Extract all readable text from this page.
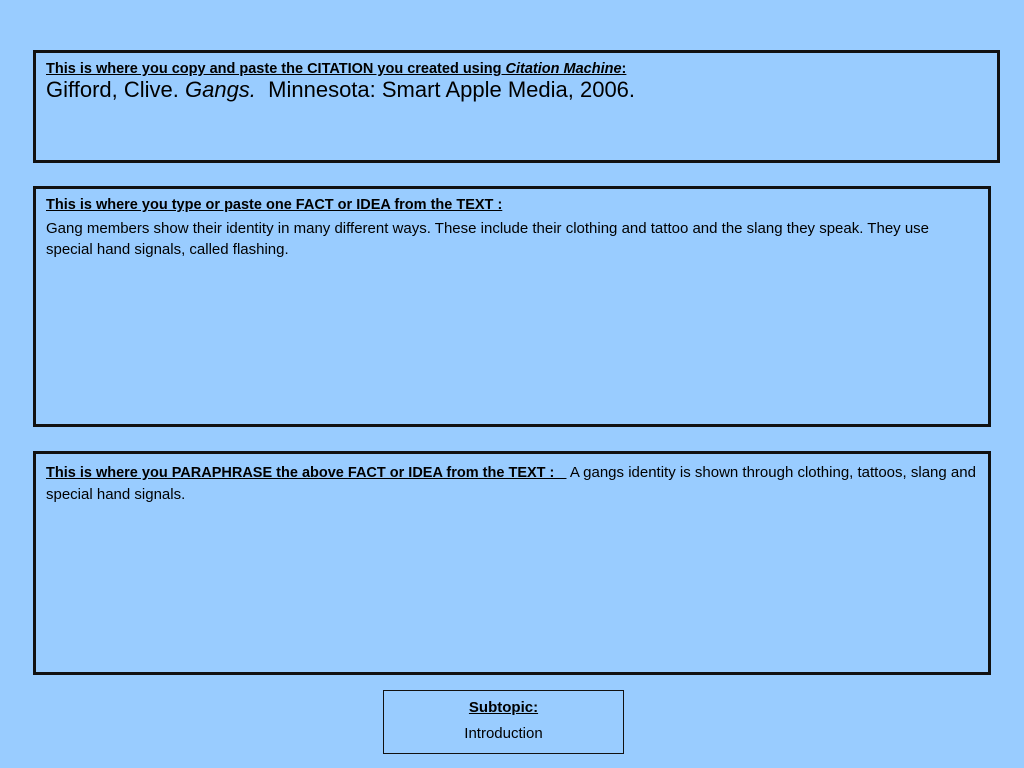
This is where you copy and paste the CITATION you created using Citation Machine:
Gifford, Clive. Gangs.  Minnesota: Smart Apple Media, 2006.
This is where you type or paste one FACT or IDEA from the TEXT :
Gang members show their identity in many different ways. These include their clothing and tattoo and the slang they speak. They use special hand signals, called flashing.
This is where you PARAPHRASE the above FACT or IDEA from the TEXT :    A gangs identity is shown through clothing, tattoos, slang and special hand signals.
Subtopic:
Introduction
